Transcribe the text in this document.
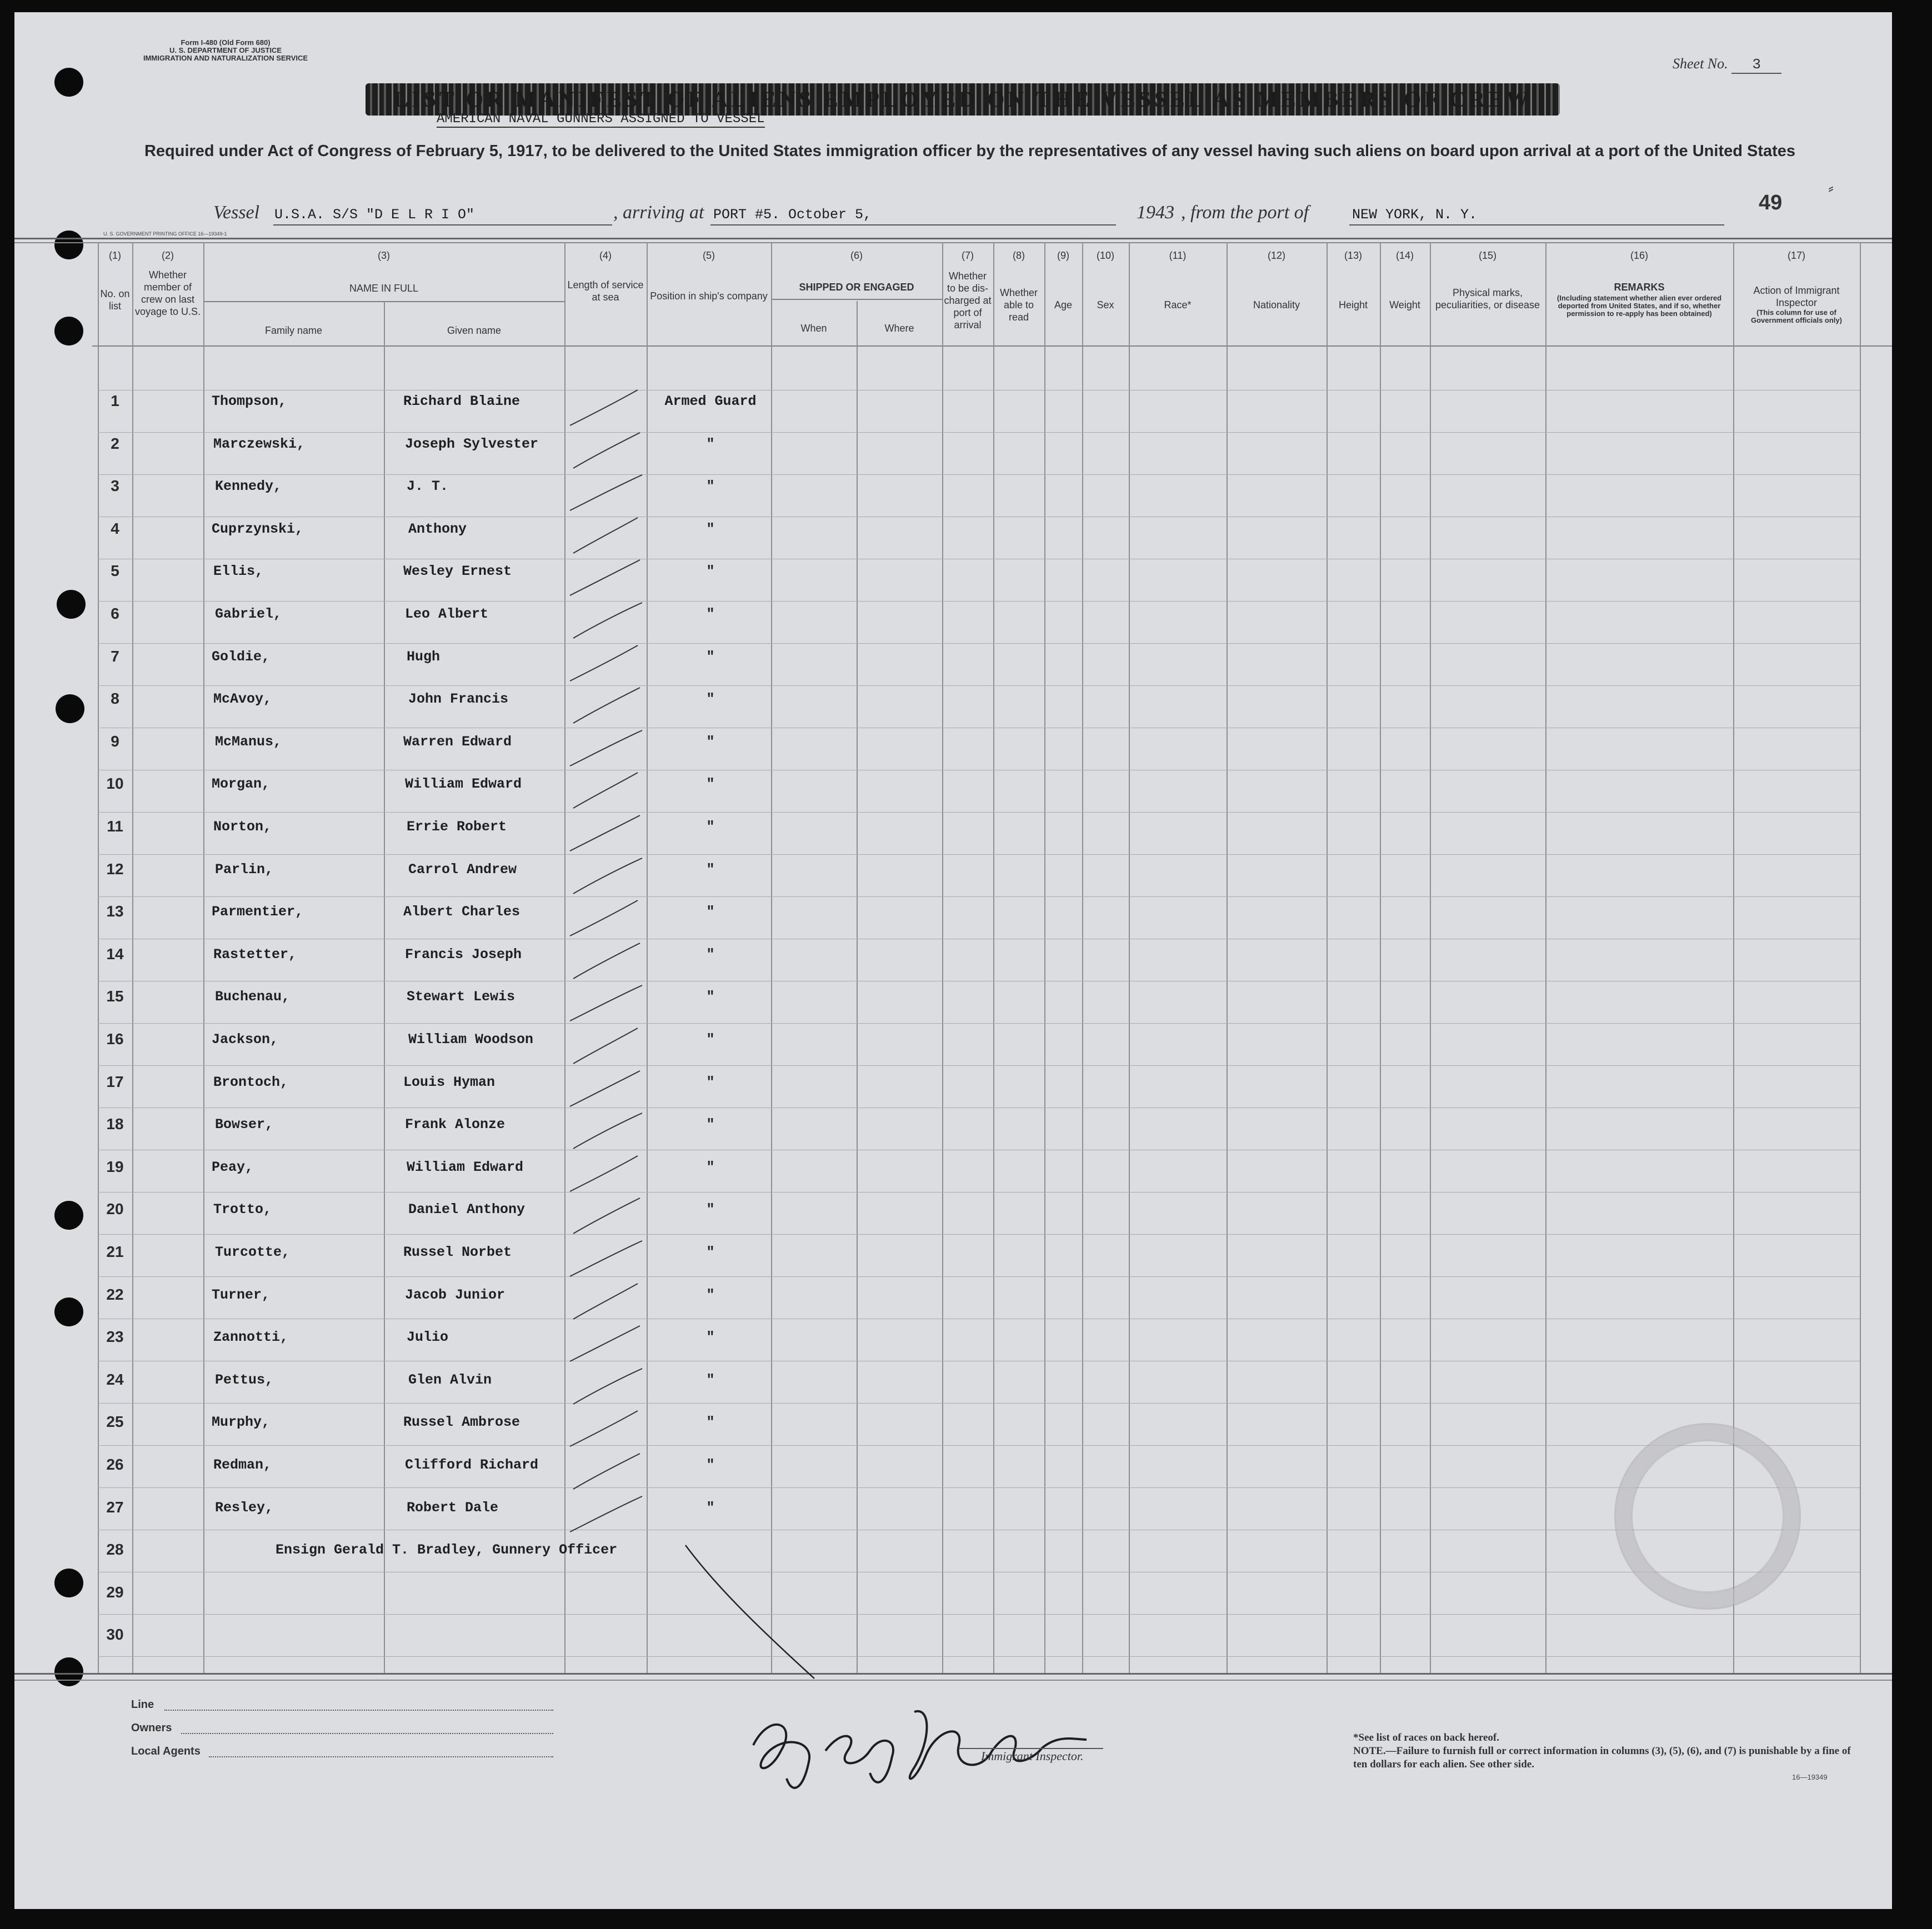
Form I-480 (Old Form 680)
U. S. DEPARTMENT OF JUSTICE
IMMIGRATION AND NATURALIZATION SERVICE	Sheet No. 3
LIST OR MANIFEST OF ALIENS EMPLOYED ON THE VESSEL AS MEMBERS OF CREW
AMERICAN NAVAL GUNNERS ASSIGNED TO VESSEL
Required under Act of Congress of February 5, 1917, to be delivered to the United States immigration officer by the representatives of any vessel having such aliens on board upon arrival at a port of the United States
Vessel U.S.A. S/S "D E L R I O"	, arriving at PORT #5. October 5,	1943 , from the port of	NEW YORK, N. Y.
49
U. S. GOVERNMENT PRINTING OFFICE 16—19349-1
(1)	(2)	(3)	(4)	(5)	(6)	(7)	(8)	(9)	(10)	(11)	(12)	(13)	(14)	(15)	(16)	(17)
No. on list
Whether member of crew on last voyage to U.S.
NAME IN FULL
Family name	Given name
Length of service at sea	Position in ship's company
SHIPPED OR ENGAGED
When	Where
Whether to be dis- charged at port of arrival
Whether able to read
Age	Sex	Race*	Nationality	Height	Weight
Physical marks, peculiarities, or disease
REMARKS
(Including statement whether alien ever ordered deported from United States, and if so, whether permission to re-apply has been obtained)
Action of Immigrant Inspector
(This column for use of Government officials only)
1	Thompson,	Richard Blaine	Armed Guard
2	Marczewski,	Joseph Sylvester	"
3	Kennedy,	J. T.	"
4	Cuprzynski,	Anthony	"
5	Ellis,	Wesley Ernest	"
6	Gabriel,	Leo Albert	"
7	Goldie,	Hugh	"
8	McAvoy,	John Francis	"
9	McManus,	Warren Edward	"
10	Morgan,	William Edward	"
11	Norton,	Errie Robert	"
12	Parlin,	Carrol Andrew	"
13	Parmentier,	Albert Charles	"
14	Rastetter,	Francis Joseph	"
15	Buchenau,	Stewart Lewis	"
16	Jackson,	William Woodson	"
17	Brontoch,	Louis Hyman	"
18	Bowser,	Frank Alonze	"
19	Peay,	William Edward	"
20	Trotto,	Daniel Anthony	"
21	Turcotte,	Russel Norbet	"
22	Turner,	Jacob Junior	"
23	Zannotti,	Julio	"
24	Pettus,	Glen Alvin	"
25	Murphy,	Russel Ambrose	"
26	Redman,	Clifford Richard	"
27	Resley,	Robert Dale	"
28	Ensign Gerald T. Bradley, Gunnery Officer
29
30
Line
Owners
Local Agents	Immigrant Inspector.
*See list of races on back hereof.
NOTE.—Failure to furnish full or correct information in columns (3), (5), (6), and (7) is punishable by a fine of ten dollars for each alien. See other side.
16—19349
⸗
